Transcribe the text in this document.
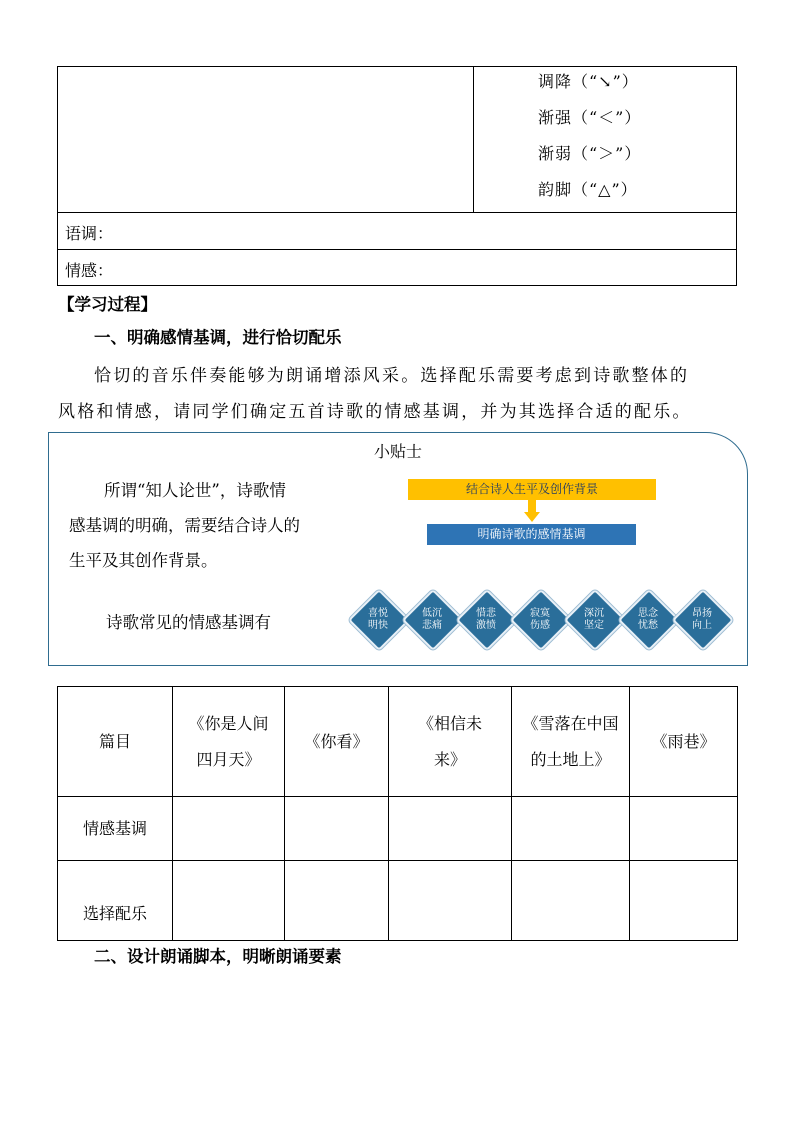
调降（“↘”）
渐强（“＜”）
渐弱（“＞”）
韵脚（“△”）
语调：
情感：
【学习过程】
一、明确感情基调，进行恰切配乐
恰切的音乐伴奏能够为朗诵增添风采。选择配乐需要考虑到诗歌整体的
风格和情感，请同学们确定五首诗歌的情感基调，并为其选择合适的配乐。
小贴士
所谓“知人论世”，诗歌情
感基调的明确，需要结合诗人的
生平及其创作背景。
结合诗人生平及创作背景
明确诗歌的感情基调
诗歌常见的情感基调有	喜悦
明快
低沉
悲痛
惜悲
激愤
寂寞
伤感
深沉
坚定
思念
忧愁
昂扬
向上
篇目	《你是人间四月天》	《你看》	《相信未来》	《雪落在中国的土地上》	《雨巷》

情感基调					
选择配乐					
二、设计朗诵脚本，明晰朗诵要素
